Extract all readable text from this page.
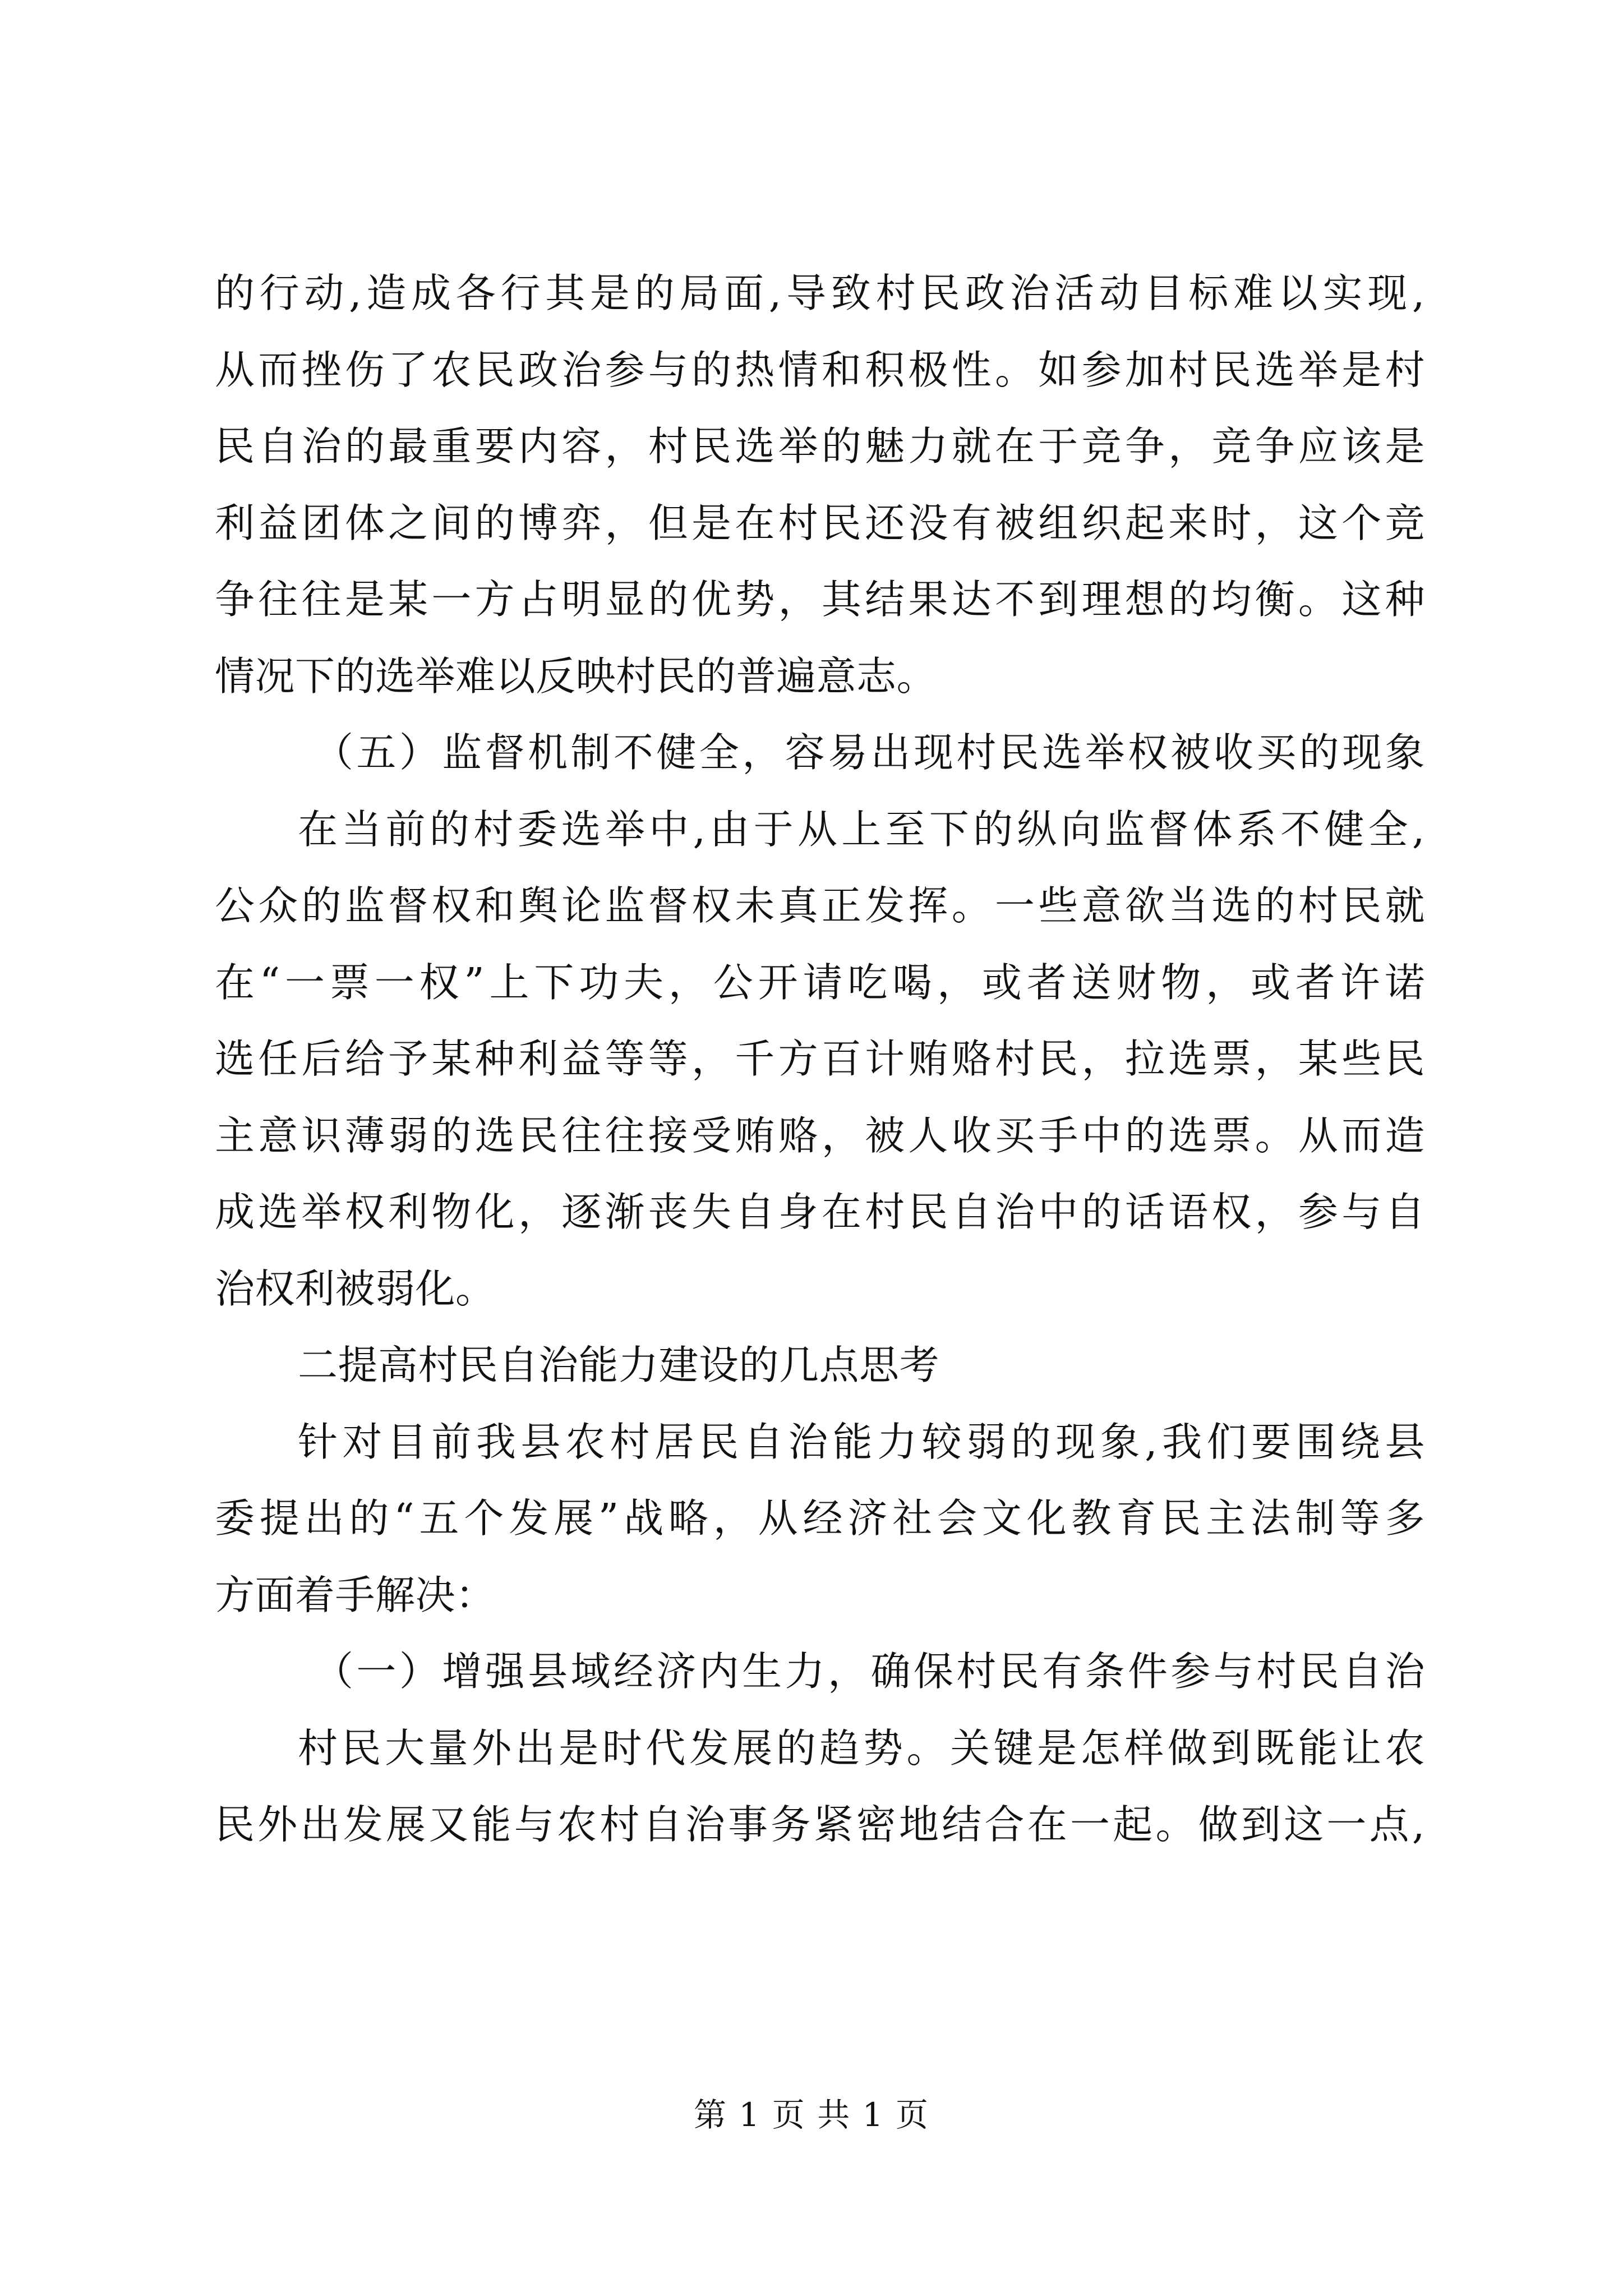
的行动,造成各行其是的局面,导致村民政治活动目标难以实现,
从而挫伤了农民政治参与的热情和积极性。如参加村民选举是村
民自治的最重要内容，村民选举的魅力就在于竞争，竞争应该是
利益团体之间的博弈，但是在村民还没有被组织起来时，这个竞
争往往是某一方占明显的优势，其结果达不到理想的均衡。这种
情况下的选举难以反映村民的普遍意志。
（五）监督机制不健全，容易出现村民选举权被收买的现象
在当前的村委选举中,由于从上至下的纵向监督体系不健全,
公众的监督权和舆论监督权未真正发挥。一些意欲当选的村民就
在“一票一权”上下功夫，公开请吃喝，或者送财物，或者许诺
选任后给予某种利益等等，千方百计贿赂村民，拉选票，某些民
主意识薄弱的选民往往接受贿赂，被人收买手中的选票。从而造
成选举权利物化，逐渐丧失自身在村民自治中的话语权，参与自
治权利被弱化。
二提高村民自治能力建设的几点思考
针对目前我县农村居民自治能力较弱的现象,我们要围绕县
委提出的“五个发展”战略，从经济社会文化教育民主法制等多
方面着手解决：
（一）增强县域经济内生力，确保村民有条件参与村民自治
村民大量外出是时代发展的趋势。关键是怎样做到既能让农
民外出发展又能与农村自治事务紧密地结合在一起。做到这一点,
第 1 页 共 1 页
